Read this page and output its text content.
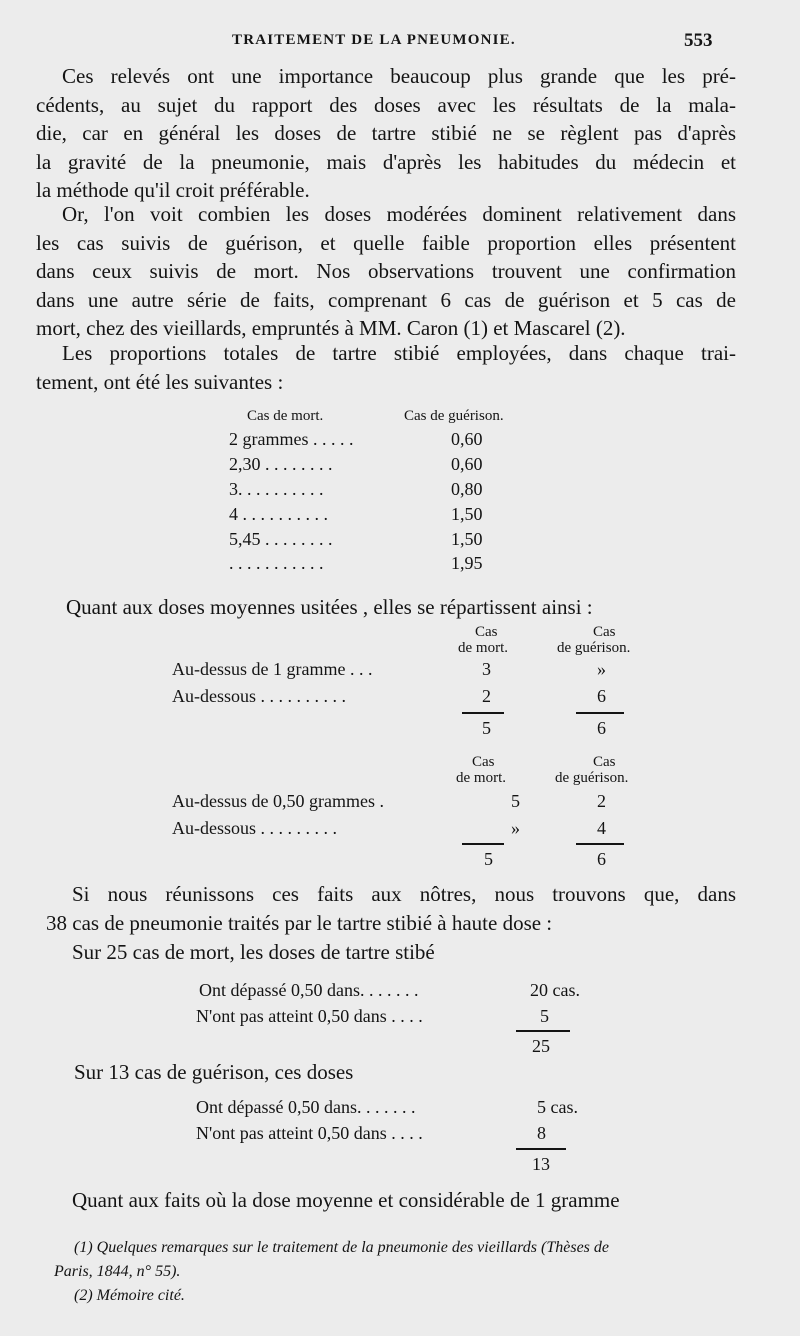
TRAITEMENT DE LA PNEUMONIE.	553
Ces relevés ont une importance beaucoup plus grande que les pré-
cédents, au sujet du rapport des doses avec les résultats de la mala-
die, car en général les doses de tartre stibié ne se règlent pas d'après
la gravité de la pneumonie, mais d'après les habitudes du médecin et
la méthode qu'il croit préférable.
Or, l'on voit combien les doses modérées dominent relativement dans
les cas suivis de guérison, et quelle faible proportion elles présentent
dans ceux suivis de mort. Nos observations trouvent une confirmation
dans une autre série de faits, comprenant 6 cas de guérison et 5 cas de
mort, chez des vieillards, empruntés à MM. Caron (1) et Mascarel (2).
Les proportions totales de tartre stibié employées, dans chaque trai-
tement, ont été les suivantes :
Cas de mort.	Cas de guérison.
2 grammes . . . . .	0,60
2,30 . . . . . . . .	0,60
3. . . . . . . . . .	0,80
4 . . . . . . . . . .	1,50
5,45 . . . . . . . .	1,50
. . . . . . . . . . .	1,95
Quant aux doses moyennes usitées , elles se répartissent ainsi :
Cas
de mort.
Cas
de guérison.
Au-dessus de 1 gramme . . .	3	»
Au-dessous . . . . . . . . . .	2	6
5	6
Cas
de mort.
Cas
de guérison.
Au-dessus de 0,50 grammes .	5	2
Au-dessous . . . . . . . . .	»	4
5	6
Si nous réunissons ces faits aux nôtres, nous trouvons que, dans
38 cas de pneumonie traités par le tartre stibié à haute dose :
Sur 25 cas de mort, les doses de tartre stibé
Ont dépassé 0,50 dans. . . . . . .	20 cas.
N'ont pas atteint 0,50 dans . . . .	5
25
Sur 13 cas de guérison, ces doses
Ont dépassé 0,50 dans. . . . . . .	5 cas.
N'ont pas atteint 0,50 dans . . . .	8
13
Quant aux faits où la dose moyenne et considérable de 1 gramme
(1) Quelques remarques sur le traitement de la pneumonie des vieillards (Thèses de
Paris, 1844, n° 55).
(2) Mémoire cité.
